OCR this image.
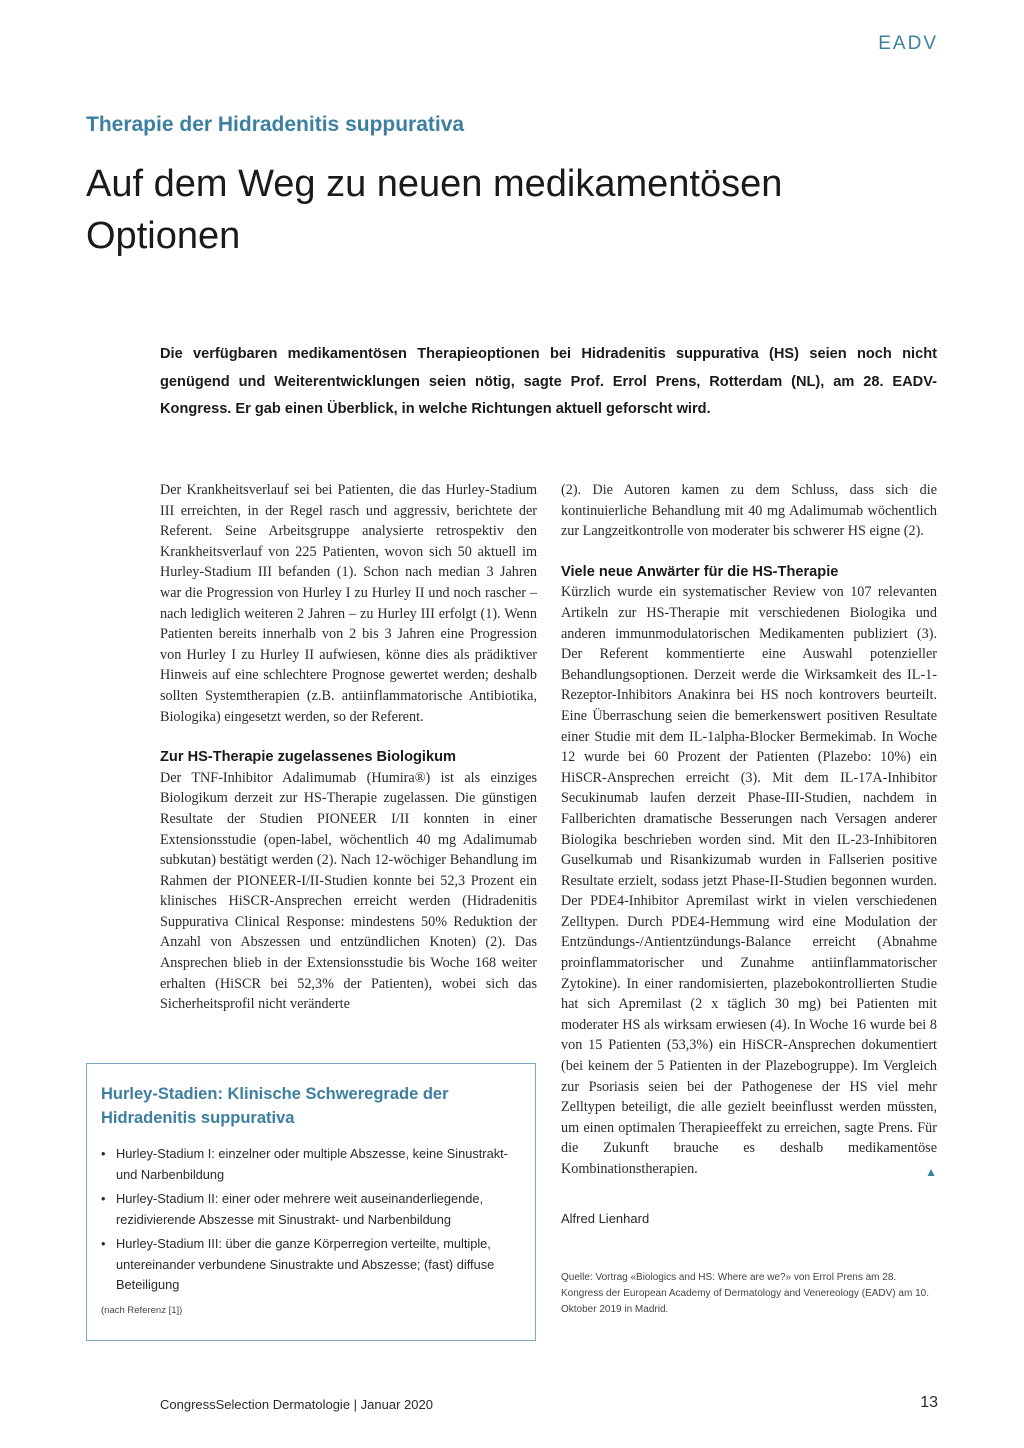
EADV
Therapie der Hidradenitis suppurativa
Auf dem Weg zu neuen medikamentösen Optionen
Die verfügbaren medikamentösen Therapieoptionen bei Hidradenitis suppurativa (HS) seien noch nicht genügend und Weiterentwicklungen seien nötig, sagte Prof. Errol Prens, Rotterdam (NL), am 28. EADV-Kongress. Er gab einen Überblick, in welche Richtungen aktuell geforscht wird.

Der Krankheitsverlauf sei bei Patienten, die das Hurley-Stadium III erreichten, in der Regel rasch und aggressiv, berichtete der Referent. Seine Arbeitsgruppe analysierte retrospektiv den Krankheitsverlauf von 225 Patienten, wovon sich 50 aktuell im Hurley-Stadium III befanden (1). Schon nach median 3 Jahren war die Progression von Hurley I zu Hurley II und noch rascher – nach lediglich weiteren 2 Jahren – zu Hurley III erfolgt (1). Wenn Patienten bereits innerhalb von 2 bis 3 Jahren eine Progression von Hurley I zu Hurley II aufwiesen, könne dies als prädiktiver Hinweis auf eine schlechtere Prognose gewertet werden; deshalb sollten Systemtherapien (z.B. antiinflammatorische Antibiotika, Biologika) eingesetzt werden, so der Referent.

Zur HS-Therapie zugelassenes Biologikum

Der TNF-Inhibitor Adalimumab (Humira®) ist als einziges Biologikum derzeit zur HS-Therapie zugelassen. Die günstigen Resultate der Studien PIONEER I/II konnten in einer Extensionsstudie (open-label, wöchentlich 40 mg Adalimumab subkutan) bestätigt werden (2). Nach 12-wöchiger Behandlung im Rahmen der PIONEER-I/II-Studien konnte bei 52,3 Prozent ein klinisches HiSCR-Ansprechen erreicht werden (Hidradenitis Suppurativa Clinical Response: mindestens 50% Reduktion der Anzahl von Abszessen und entzündlichen Knoten) (2). Das Ansprechen blieb in der Extensionsstudie bis Woche 168 weiter erhalten (HiSCR bei 52,3% der Patienten), wobei sich das Sicherheitsprofil nicht veränderte

(2). Die Autoren kamen zu dem Schluss, dass sich die kontinuierliche Behandlung mit 40 mg Adalimumab wöchentlich zur Langzeitkontrolle von moderater bis schwerer HS eigne (2).

Viele neue Anwärter für die HS-Therapie

Kürzlich wurde ein systematischer Review von 107 relevanten Artikeln zur HS-Therapie mit verschiedenen Biologika und anderen immunmodulatorischen Medikamenten publiziert (3). Der Referent kommentierte eine Auswahl potenzieller Behandlungsoptionen. Derzeit werde die Wirksamkeit des IL-1-Rezeptor-Inhibitors Anakinra bei HS noch kontrovers beurteilt. Eine Überraschung seien die bemerkenswert positiven Resultate einer Studie mit dem IL-1alpha-Blocker Bermekimab. In Woche 12 wurde bei 60 Prozent der Patienten (Plazebo: 10%) ein HiSCR-Ansprechen erreicht (3). Mit dem IL-17A-Inhibitor Secukinumab laufen derzeit Phase-III-Studien, nachdem in Fallberichten dramatische Besserungen nach Versagen anderer Biologika beschrieben worden sind. Mit den IL-23-Inhibitoren Guselkumab und Risankizumab wurden in Fallserien positive Resultate erzielt, sodass jetzt Phase-II-Studien begonnen wurden. Der PDE4-Inhibitor Apremilast wirkt in vielen verschiedenen Zelltypen. Durch PDE4-Hemmung wird eine Modulation der Entzündungs-/Antientzündungs-Balance erreicht (Abnahme proinflammatorischer und Zunahme antiinflammatorischer Zytokine). In einer randomisierten, plazebokontrollierten Studie hat sich Apremilast (2 x täglich 30 mg) bei Patienten mit moderater HS als wirksam erwiesen (4). In Woche 16 wurde bei 8 von 15 Patienten (53,3%) ein HiSCR-Ansprechen dokumentiert (bei keinem der 5 Patienten in der Plazebogruppe). Im Vergleich zur Psoriasis seien bei der Pathogenese der HS viel mehr Zelltypen beteiligt, die alle gezielt beeinflusst werden müssten, um einen optimalen Therapieeffekt zu erreichen, sagte Prens. Für die Zukunft brauche es deshalb medikamentöse Kombinationstherapien.	▲

Alfred Lienhard
Quelle: Vortrag «Biologics and HS: Where are we?» von Errol Prens am 28. Kongress der European Academy of Dermatology and Venereology (EADV) am 10. Oktober 2019 in Madrid.
Hurley-Stadien: Klinische Schweregrade der Hidradenitis suppurativa
• Hurley-Stadium I: einzelner oder multiple Abszesse, keine Sinustrakt- und Narbenbildung
• Hurley-Stadium II: einer oder mehrere weit auseinanderliegende, rezidivierende Abszesse mit Sinustrakt- und Narbenbildung
• Hurley-Stadium III: über die ganze Körperregion verteilte, multiple, untereinander verbundene Sinustrakte und Abszesse; (fast) diffuse Beteiligung
(nach Referenz [1])
CongressSelection Dermatologie | Januar 2020	13
